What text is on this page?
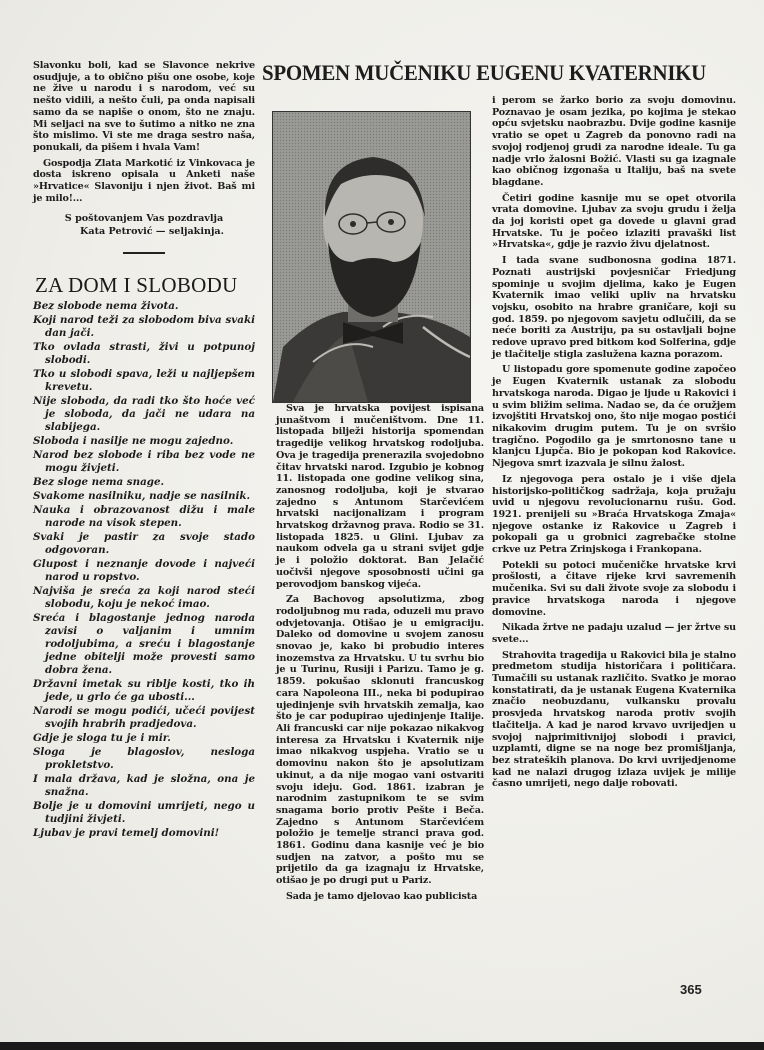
Slavonku boli, kad se Slavonce nekrive osudjuje, a to obično pišu one osobe, koje ne žive u narodu i s narodom, već su nešto vidili, a nešto čuli, pa onda napisali samo da se napiše o onom, što ne znaju. Mi seljaci na sve to šutimo a nitko ne zna što mislimo. Vi ste me draga sestro naša, ponukali, da pišem i hvala Vam!

Gospodja Zlata Markotić iz Vinkovaca je dosta iskreno opisala u Anketi naše »Hrvatice« Slavoniju i njen život. Baš mi je milo!...

S poštovanjem Vas pozdravlja
Kata Petrović — seljakinja.
ZA DOM I SLOBODU
Bez slobode nema života.
Koji narod teži za slobodom biva svaki dan jači.
Tko ovlada strasti, živi u potpunoj slobodi.
Tko u slobodi spava, leži u najljepšem krevetu.
Nije sloboda, da radi tko što hoće već je sloboda, da jači ne udara na slabijega.
Sloboda i nasilje ne mogu zajedno.
Narod bez slobode i riba bez vode ne mogu živjeti.
Bez sloge nema snage.
Svakome nasilniku, nadje se nasilnik.
Nauka i obrazovanost dižu i male narode na visok stepen.
Svaki je pastir za svoje stado odgovoran.
Glupost i neznanje dovode i najveći narod u ropstvo.
Najviša je sreća za koji narod steći slobodu, koju je nekoć imao.
Sreća i blagostanje jednog naroda zavisi o valjanim i umnim rodoljubima, a sreću i blagostanje jedne obitelji može provesti samo dobra žena.
Državni imetak su riblje kosti, tko ih jede, u grlo će ga ubosti...
Narodi se mogu podići, učeći povijest svojih hrabrih pradjedova.
Gdje je sloga tu je i mir.
Sloga je blagoslov, nesloga prokletstvo.
I mala država, kad je složna, ona je snažna.
Bolje je u domovini umrijeti, nego u tudjini živjeti.
Ljubav je pravi temelj domovini!
SPOMEN MUČENIKU EUGENU KVATERNIKU

Sva je hrvatska povijest ispisana junaštvom i mučeništvom. Dne 11. listopada bilježi historija spomendan tragedije velikog hrvatskog rodoljuba. Ova je tragedija prenerazila svojedobno čitav hrvatski narod. Izgubio je kobnog 11. listopada one godine velikog sina, zanosnog rodoljuba, koji je stvarao zajedno s Antunom Starčevićem hrvatski nacijonalizam i program hrvatskog državnog prava. Rodio se 31. listopada 1825. u Glini. Ljubav za naukom odvela ga u strani svijet gdje je i položio doktorat. Ban Jelačić uočivši njegove sposobnosti učini ga perovodjom banskog vijeća.

Za Bachovog apsolutizma, zbog rodoljubnog mu rada, oduzeli mu pravo odvjetovanja. Otišao je u emigraciju. Daleko od domovine u svojem zanosu snovao je, kako bi probudio interes inozemstva za Hrvatsku. U tu svrhu bio je u Turinu, Rusiji i Parizu. Tamo je g. 1859. pokušao sklonuti francuskog cara Napoleona III., neka bi podupirao ujedinjenje svih hrvatskih zemalja, kao što je car podupirao ujedinjenje Italije. Ali francuski car nije pokazao nikakvog interesa za Hrvatsku i Kvaternik nije imao nikakvog uspjeha. Vratio se u domovinu nakon što je apsolutizam ukinut, a da nije mogao vani ostvariti svoju ideju. God. 1861. izabran je narodnim zastupnikom te se svim snagama borio protiv Pešte i Beča. Zajedno s Antunom Starčevićem položio je temelje stranci prava god. 1861. Godinu dana kasnije već je bio sudjen na zatvor, a pošto mu se prijetilo da ga izagnaju iz Hrvatske, otišao je po drugi put u Pariz.

Sada je tamo djelovao kao publicista

i perom se žarko borio za svoju domovinu. Poznavao je osam jezika, po kojima je stekao opću svjetsku naobrazbu. Dvije godine kasnije vratio se opet u Zagreb da ponovno radi na svojoj rodjenoj grudi za narodne ideale. Tu ga nadje vrlo žalosni Božić. Vlasti su ga izagnale kao običnog izgonaša u Italiju, baš na svete blagdane.

Četiri godine kasnije mu se opet otvorila vrata domovine. Ljubav za svoju grudu i želja da joj koristi opet ga dovede u glavni grad Hrvatske. Tu je počeo izlaziti pravaški list »Hrvatska«, gdje je razvio živu djelatnost.

I tada svane sudbonosna godina 1871. Poznati austrijski povjesničar Friedjung spominje u svojim djelima, kako je Eugen Kvaternik imao veliki upliv na hrvatsku vojsku, osobito na hrabre graničare, koji su god. 1859. po njegovom savjetu odlučili, da se neće boriti za Austriju, pa su ostavljali bojne redove upravo pred bitkom kod Solferina, gdje je tlačitelje stigla zaslužena kazna porazom.

U listopadu gore spomenute godine započeo je Eugen Kvaternik ustanak za slobodu hrvatskoga naroda. Digao je ljude u Rakovici i u svim bližim selima. Nadao se, da će oružjem izvojštiti Hrvatskoj ono, što nije mogao postići nikakovim drugim putem. Tu je on svršio tragično. Pogodilo ga je smrtonosno tane u klanjcu Ljupča. Bio je pokopan kod Rakovice. Njegova smrt izazvala je silnu žalost.

Iz njegovoga pera ostalo je i više djela historijsko-političkog sadržaja, koja pružaju uvid u njegovu revolucionarnu rušu. God. 1921. prenijeli su »Braća Hrvatskoga Zmaja« njegove ostanke iz Rakovice u Zagreb i pokopali ga u grobnici zagrebačke stolne crkve uz Petra Zrinjskoga i Frankopana.

Potekli su potoci mučeničke hrvatske krvi prošlosti, a čitave rijeke krvi savremenih mučenika. Svi su dali živote svoje za slobodu i pravice hrvatskoga naroda i njegove domovine.

Nikada žrtve ne padaju uzalud — jer žrtve su svete...

Strahovita tragedija u Rakovici bila je stalno predmetom studija historičara i političara. Tumačili su ustanak različito. Svatko je morao konstatirati, da je ustanak Eugena Kvaternika značio neobuzdanu, vulkansku provalu prosvjeda hrvatskog naroda protiv svojih tlačitelja. A kad je narod krvavo uvrijedjen u svojoj najprimitivnijoj slobodi i pravici, uzplamti, digne se na noge bez promišljanja, bez strateških planova. Do krvi uvrijedjenome kad ne nalazi drugog izlaza uvijek je milije časno umrijeti, nego dalje robovati.

365
